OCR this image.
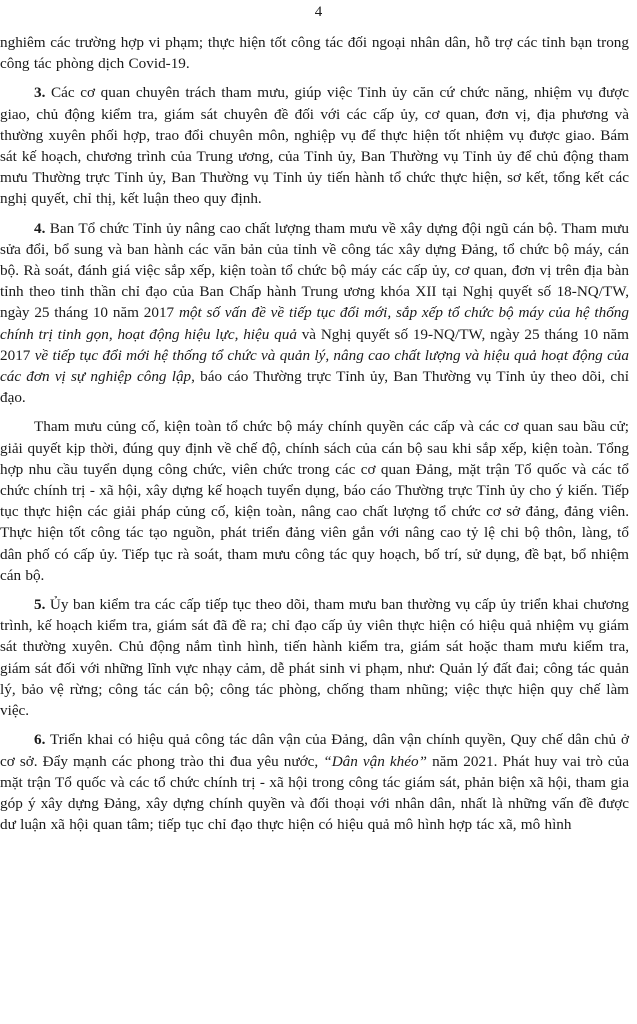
4

nghiêm các trường hợp vi phạm; thực hiện tốt công tác đối ngoại nhân dân, hỗ trợ các tỉnh bạn trong công tác phòng dịch Covid-19.

3. Các cơ quan chuyên trách tham mưu, giúp việc Tỉnh ủy căn cứ chức năng, nhiệm vụ được giao, chủ động kiểm tra, giám sát chuyên đề đối với các cấp ủy, cơ quan, đơn vị, địa phương và thường xuyên phối hợp, trao đổi chuyên môn, nghiệp vụ để thực hiện tốt nhiệm vụ được giao. Bám sát kế hoạch, chương trình của Trung ương, của Tỉnh ủy, Ban Thường vụ Tỉnh ủy để chủ động tham mưu Thường trực Tỉnh ủy, Ban Thường vụ Tỉnh ủy tiến hành tổ chức thực hiện, sơ kết, tổng kết các nghị quyết, chỉ thị, kết luận theo quy định.

4. Ban Tổ chức Tỉnh ủy nâng cao chất lượng tham mưu về xây dựng đội ngũ cán bộ. Tham mưu sửa đổi, bổ sung và ban hành các văn bản của tỉnh về công tác xây dựng Đảng, tổ chức bộ máy, cán bộ. Rà soát, đánh giá việc sắp xếp, kiện toàn tổ chức bộ máy các cấp ủy, cơ quan, đơn vị trên địa bàn tỉnh theo tinh thần chỉ đạo của Ban Chấp hành Trung ương khóa XII tại Nghị quyết số 18-NQ/TW, ngày 25 tháng 10 năm 2017 một số vấn đề về tiếp tục đổi mới, sắp xếp tổ chức bộ máy của hệ thống chính trị tinh gọn, hoạt động hiệu lực, hiệu quả và Nghị quyết số 19-NQ/TW, ngày 25 tháng 10 năm 2017 về tiếp tục đổi mới hệ thống tổ chức và quản lý, nâng cao chất lượng và hiệu quả hoạt động của các đơn vị sự nghiệp công lập, báo cáo Thường trực Tỉnh ủy, Ban Thường vụ Tỉnh ủy theo dõi, chỉ đạo.

Tham mưu củng cố, kiện toàn tổ chức bộ máy chính quyền các cấp và các cơ quan sau bầu cử; giải quyết kịp thời, đúng quy định về chế độ, chính sách của cán bộ sau khi sắp xếp, kiện toàn. Tổng hợp nhu cầu tuyển dụng công chức, viên chức trong các cơ quan Đảng, mặt trận Tổ quốc và các tổ chức chính trị - xã hội, xây dựng kế hoạch tuyển dụng, báo cáo Thường trực Tỉnh ủy cho ý kiến. Tiếp tục thực hiện các giải pháp củng cố, kiện toàn, nâng cao chất lượng tổ chức cơ sở đảng, đảng viên. Thực hiện tốt công tác tạo nguồn, phát triển đảng viên gắn với nâng cao tỷ lệ chi bộ thôn, làng, tổ dân phố có cấp ủy. Tiếp tục rà soát, tham mưu công tác quy hoạch, bố trí, sử dụng, đề bạt, bổ nhiệm cán bộ.

5. Ủy ban kiểm tra các cấp tiếp tục theo dõi, tham mưu ban thường vụ cấp ủy triển khai chương trình, kế hoạch kiểm tra, giám sát đã đề ra; chỉ đạo cấp ủy viên thực hiện có hiệu quả nhiệm vụ giám sát thường xuyên. Chủ động nắm tình hình, tiến hành kiểm tra, giám sát hoặc tham mưu kiểm tra, giám sát đối với những lĩnh vực nhạy cảm, dễ phát sinh vi phạm, như: Quản lý đất đai; công tác quản lý, bảo vệ rừng; công tác cán bộ; công tác phòng, chống tham nhũng; việc thực hiện quy chế làm việc.

6. Triển khai có hiệu quả công tác dân vận của Đảng, dân vận chính quyền, Quy chế dân chủ ở cơ sở. Đẩy mạnh các phong trào thi đua yêu nước, “Dân vận khéo” năm 2021. Phát huy vai trò của mặt trận Tổ quốc và các tổ chức chính trị - xã hội trong công tác giám sát, phản biện xã hội, tham gia góp ý xây dựng Đảng, xây dựng chính quyền và đối thoại với nhân dân, nhất là những vấn đề được dư luận xã hội quan tâm; tiếp tục chỉ đạo thực hiện có hiệu quả mô hình hợp tác xã, mô hình
